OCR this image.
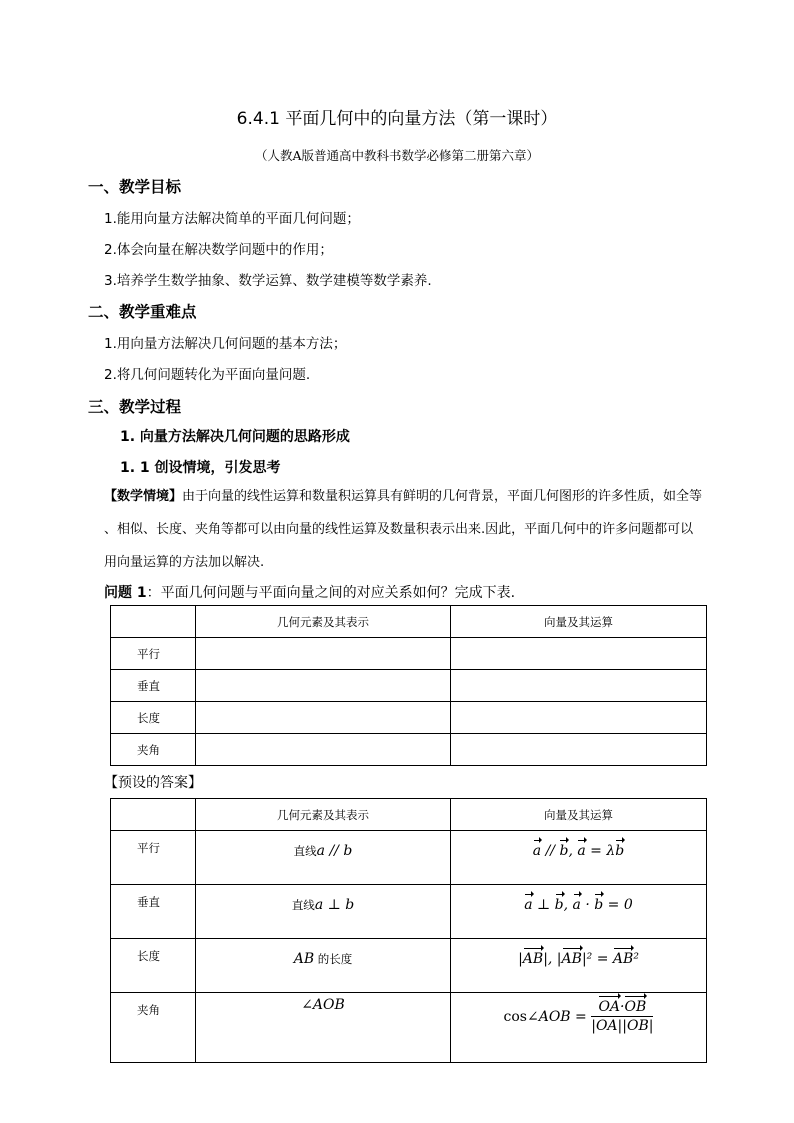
6.4.1 平面几何中的向量方法（第一课时）
（人教A版普通高中教科书数学必修第二册第六章）
一、教学目标
1.能用向量方法解决简单的平面几何问题；
2.体会向量在解决数学问题中的作用；
3.培养学生数学抽象、数学运算、数学建模等数学素养.
二、教学重难点
1.用向量方法解决几何问题的基本方法；
2.将几何问题转化为平面向量问题.
三、教学过程
1. 向量方法解决几何问题的思路形成
1. 1 创设情境，引发思考
【数学情境】由于向量的线性运算和数量积运算具有鲜明的几何背景，平面几何图形的许多性质，如全等 、相似、长度、夹角等都可以由向量的线性运算及数量积表示出来.因此，平面几何中的许多问题都可以用向量运算的方法加以解决.
问题 1：平面几何问题与平面向量之间的对应关系如何？完成下表.
	几何元素及其表示	向量及其运算
平行		
垂直		
长度		
夹角		
【预设的答案】
	几何元素及其表示	向量及其运算
平行	直线a // b	a // b, a = λb
垂直	直线a ⊥ b	a ⊥ b, a · b = 0
长度	AB 的长度	|AB|, |AB|² = AB²
夹角	∠AOB	cos∠AOB = $\frac{OA\cdot OB}{|OA||OB|}$
